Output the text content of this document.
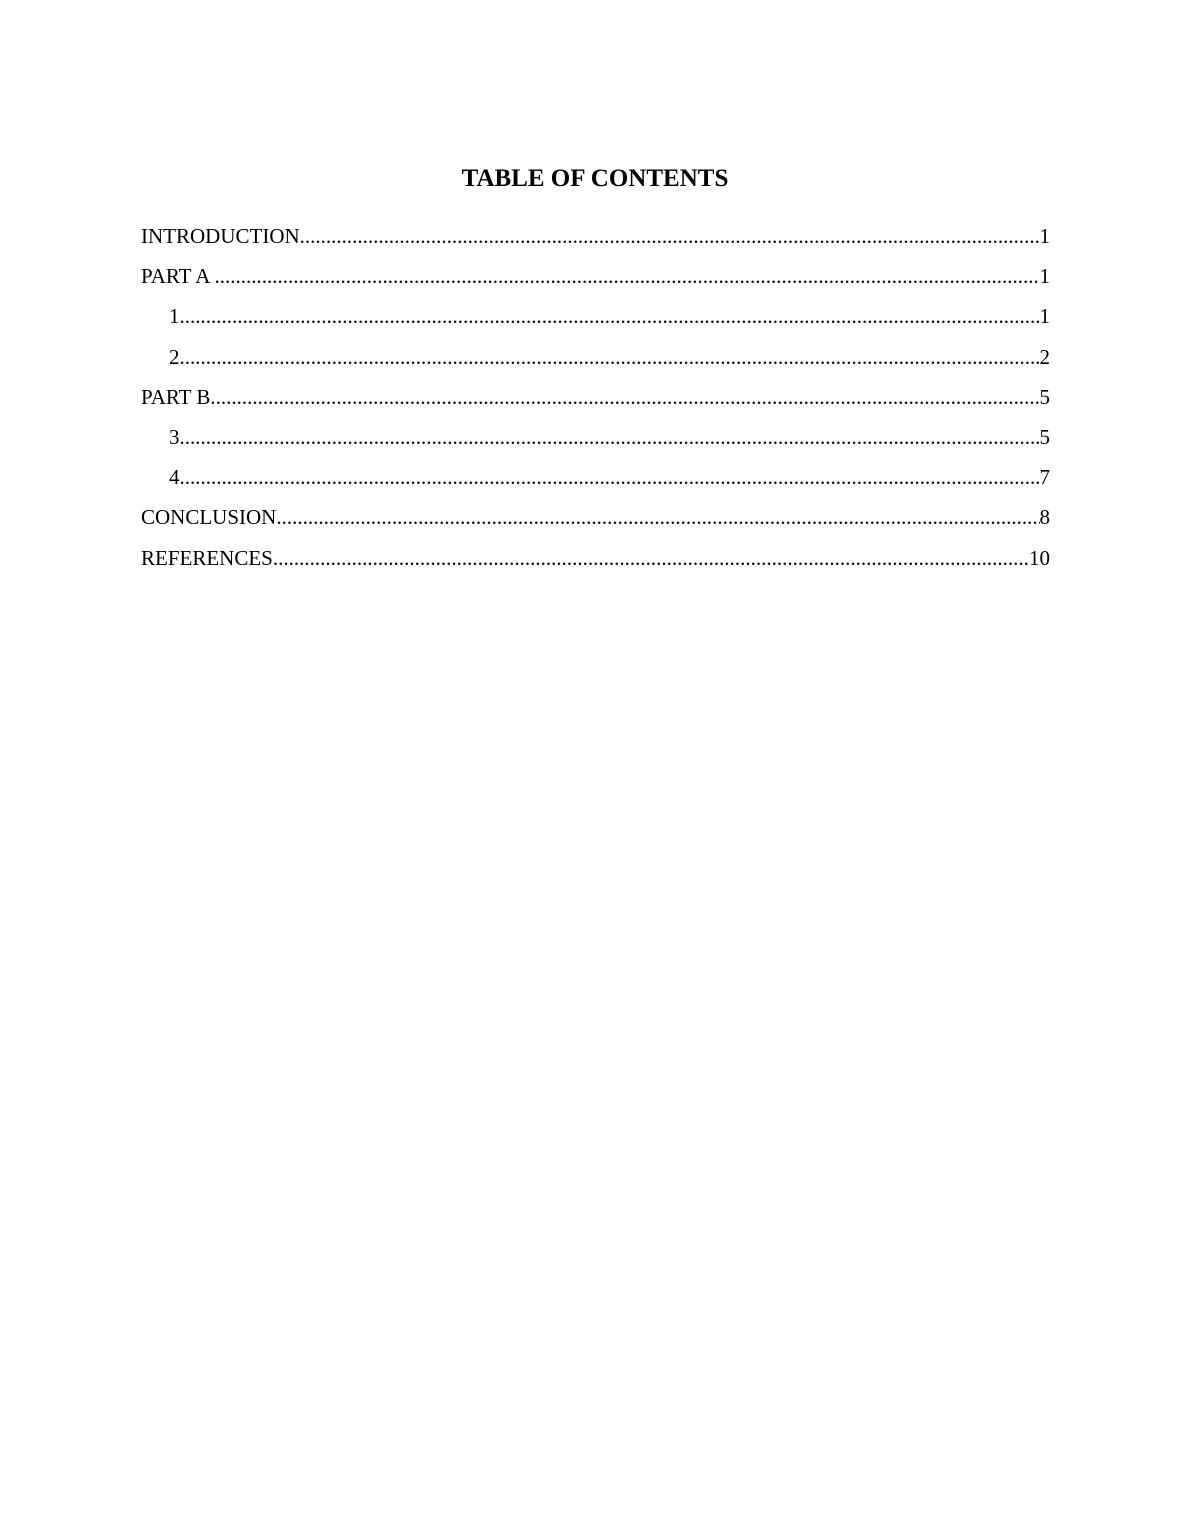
TABLE OF CONTENTS
INTRODUCTION .....	1
PART A .....	1
1 .....	1
2 .....	2
PART B .....	5
3 .....	5
4 .....	7
CONCLUSION .....	8
REFERENCES .....	10
